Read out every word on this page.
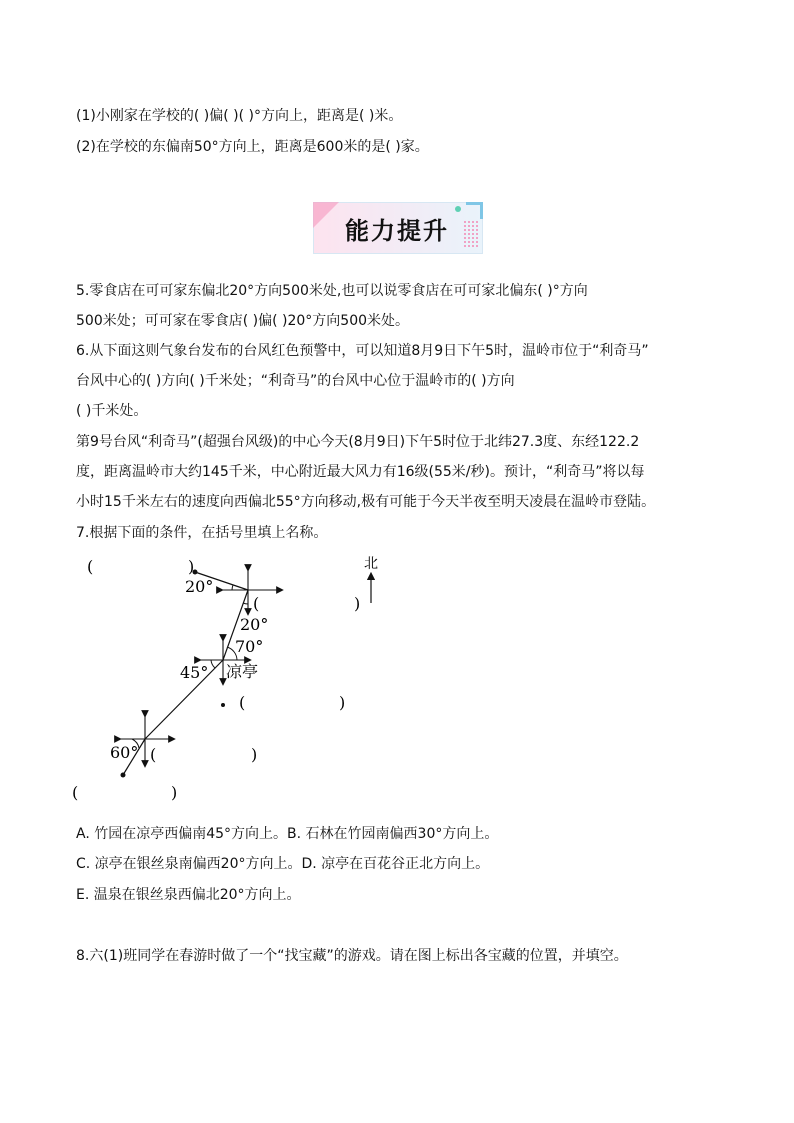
(1)小刚家在学校的( )偏( )( )°方向上，距离是( )米。
(2)在学校的东偏南50°方向上，距离是600米的是( )家。
能力提升
5.零食店在可可家东偏北20°方向500米处,也可以说零食店在可可家北偏东( )°方向
500米处；可可家在零食店( )偏( )20°方向500米处。
6.从下面这则气象台发布的台风红色预警中，可以知道8月9日下午5时，温岭市位于“利奇马”
台风中心的( )方向( )千米处；“利奇马”的台风中心位于温岭市的( )方向
( )千米处。
第9号台风“利奇马”(超强台风级)的中心今天(8月9日)下午5时位于北纬27.3度、东经122.2
度，距离温岭市大约145千米，中心附近最大风力有16级(55米/秒)。预计，“利奇马”将以每
小时15千米左右的速度向西偏北55°方向移动,极有可能于今天半夜至明天凌晨在温岭市登陆。
7.根据下面的条件，在括号里填上名称。
北
20°
20°
70°
45°
60°
凉亭
(	)
(	)
(	)
(	)
(	)
A. 竹园在凉亭西偏南45°方向上。B. 石林在竹园南偏西30°方向上。
C. 凉亭在银丝泉南偏西20°方向上。D. 凉亭在百花谷正北方向上。
E. 温泉在银丝泉西偏北20°方向上。
8.六(1)班同学在春游时做了一个“找宝藏”的游戏。请在图上标出各宝藏的位置，并填空。
